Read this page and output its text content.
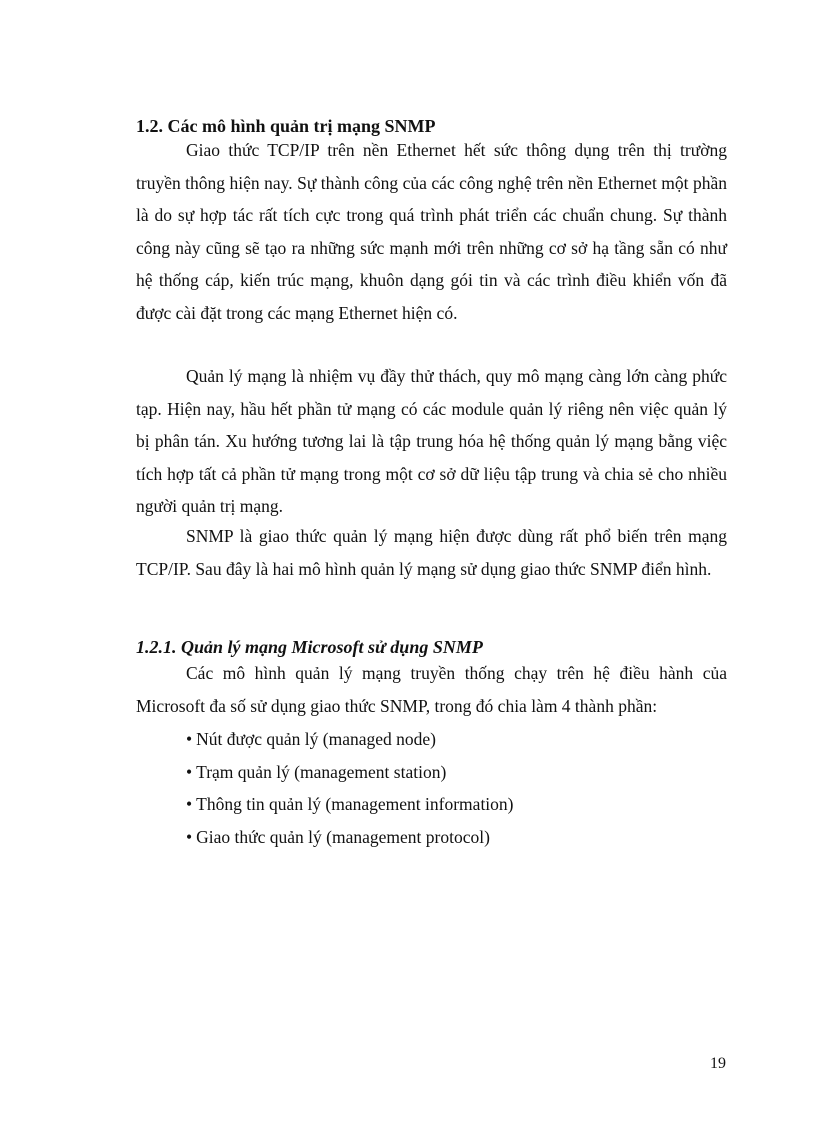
1.2. Các mô hình quản trị mạng SNMP

Giao thức TCP/IP trên nền Ethernet hết sức thông dụng trên thị trường truyền thông hiện nay. Sự thành công của các công nghệ trên nền Ethernet một phần là do sự hợp tác rất tích cực trong quá trình phát triển các chuẩn chung. Sự thành công này cũng sẽ tạo ra những sức mạnh mới trên những cơ sở hạ tầng sẵn có như hệ thống cáp, kiến trúc mạng, khuôn dạng gói tin và các trình điều khiển vốn đã được cài đặt trong các mạng Ethernet hiện có.

Quản lý mạng là nhiệm vụ đầy thử thách, quy mô mạng càng lớn càng phức tạp. Hiện nay, hầu hết phần tử mạng có các module quản lý riêng nên việc quản lý bị phân tán. Xu hướng tương lai là tập trung hóa hệ thống quản lý mạng bằng việc tích hợp tất cả phần tử mạng trong một cơ sở dữ liệu tập trung và chia sẻ cho nhiều người quản trị mạng.

SNMP là giao thức quản lý mạng hiện được dùng rất phổ biến trên mạng TCP/IP. Sau đây là hai mô hình quản lý mạng sử dụng giao thức SNMP điển hình.

1.2.1. Quản lý mạng Microsoft sử dụng SNMP

Các mô hình quản lý mạng truyền thống chạy trên hệ điều hành của Microsoft đa số sử dụng giao thức SNMP, trong đó chia làm 4 thành phần:

• Nút được quản lý (managed node)
• Trạm quản lý (management station)
• Thông tin quản lý (management information)
• Giao thức quản lý (management protocol)
19
